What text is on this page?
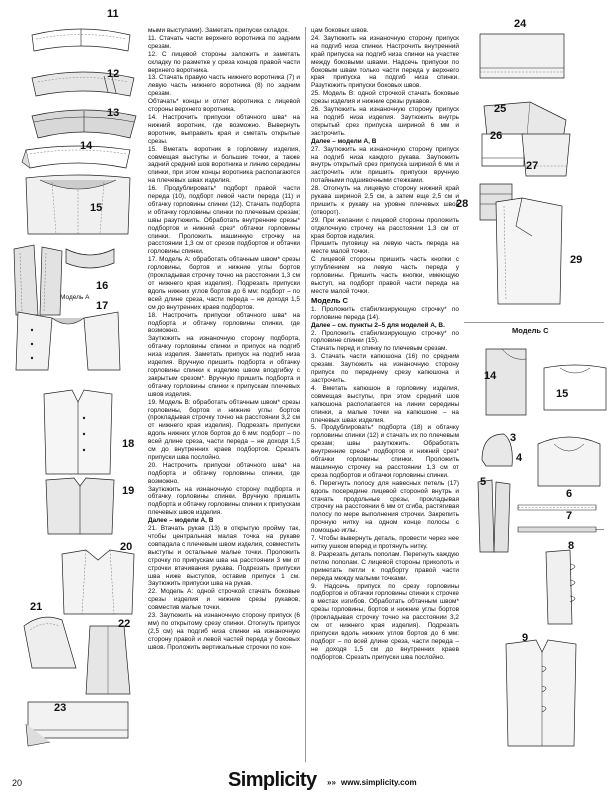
11
12
13
14
15
16
Модель А
17
18
19
20
21
22
23

мыми выступами). Заметать припуски складок.

11. Стачать части верхнего воротника по задним срезам.

12. С лицевой стороны заложить и заметать складку по разметке у среза концов правой части верхнего воротника.

13. Стачать правую часть нижнего воротника (7) и левую часть нижнего воротника (8) по задним срезам.

Обтачать* концы и отлет воротника с лицевой стороны верхнего воротника.

14. Настрочить припуски обтачного шва* на нижний воротник, где возможно. Вывернуть воротник, выправить края и сметать открытые срезы.

15. Вметать воротник в горловину изделия, совмещая выступы и большие точки, а также задний средний шов воротника и линию середины спинки, при этом концы воротника располагаются на плечевых швах изделия.

16. Продублировать* подборт правой части переда (10), подборт левой части переда (11) и обтачку горловины спинки (12). Стачать подборта и обтачку горловины спинки по плечевым срезам; швы разутюжить. Обработать внутренние срезы* подбортов и нижний срез* обтачки горловины спинки. Проложить машинную строчку на расстоянии 1,3 см от срезов подбортов и обтачки горловины спинки.

17. Модель А: обработать обтачным швом* срезы горловины, бортов и нижние углы бортов (прокладывая строчку точно на расстоянии 1,3 см от нижнего края изделия). Подрезать припуски вдоль нижних углов бортов до 6 мм: подборт – по всей длине среза, части переда – не доходя 1,5 см до внутренних краев подбортов.

18. Настрочить припуски обтачного шва* на подборта и обтачку горловины спинки, где возможно.

Заутюжить на изнаночную сторону подборта, обтачку горловины спинки и припуск на подгиб низа изделия. Заметать припуск на подгиб низа изделия. Вручную пришить подборта и обтачку горловины спинки к изделию швом вподгибку с закрытым срезом*. Вручную пришить подборта и обтачку горловины спинки к припускам плечевых швов изделия.

19. Модель В: обработать обтачным швом* срезы горловины, бортов и нижние углы бортов (прокладывая строчку точно на расстоянии 3,2 см от нижнего края изделия). Подрезать припуски вдоль нижних углов бортов до 6 мм: подборт – по всей длине среза, части переда – не доходя 1,5 см до внутренних краев подбортов. Срезать припуски шва послойно.

20. Настрочить припуски обтачного шва* на подборта и обтачку горловины спинки, где возможно.

Заутюжить на изнаночную сторону подборта и обтачку горловины спинки. Вручную пришить подборта и обтачку горловины спинки к припускам плечевых швов изделия.

Далее – модели А, В

21. Втачать рукав (13) в открытую пройму так, чтобы центральная малая точка на рукаве совпадала с плечевым швом изделия, совместить выступы и остальные малые точки. Проложить строчку по припускам шва на расстоянии 3 мм от строчки втачивания рукава. Подрезать припуски шва ниже выступов, оставив припуск 1 см. Заутюжить припуски шва на рукав.

22. Модель А: одной строчкой стачать боковые срезы изделия и нижние срезы рукавов, совместив малые точки.

23. Заутюжить на изнаночную сторону припуск (6 мм) по открытому срезу спинки. Отогнуть припуск (2,5 см) на подгиб низа спинки на изнаночную сторону правой и левой частей переда у боковых швов. Проложить вертикальные строчки по кон-

цам боковых швов.

24. Заутюжить на изнаночную сторону припуск на подгиб низа спинки. Настрочить внутренний край припуска на подгиб низа спинки на участке между боковыми швами. Надсечь припуски по боковым швам только части переда у верхнего края припуска на подгиб низа спинки. Разутюжить припуски боковых швов.

25. Модель В: одной строчкой стачать боковые срезы изделия и нижние срезы рукавов.

26. Заутюжить на изнаночную сторону припуск на подгиб низа изделия. Заутюжить внутрь открытый срез припуска шириной 6 мм и застрочить.

Далее – модели А, В

27. Заутюжить на изнаночную сторону припуск на подгиб низа каждого рукава. Заутюжить внутрь открытый срез припуска шириной 6 мм и застрочить или пришить припуски вручную потайными подшивочными стежками.

28. Отогнуть на лицевую сторону нижний край рукава шириной 2,5 см, а затем еще 2,5 см и пришить к рукаву на уровне плечевых швов (отворот).

29. При желании с лицевой стороны проложить отделочную строчку на расстоянии 1,3 см от края бортов изделия.

Пришить пуговицу на левую часть переда на месте малой точки.

С лицевой стороны пришить часть кнопки с углублением на левую часть переда у горловины. Пришить часть кнопки, имеющую выступ, на подборт правой части переда на месте малой точки.

Модель С

1. Проложить стабилизирующую строчку* по горловине переда (14).

Далее – см. пункты 2–5 для моделей А, В.

2. Проложить стабилизирующую строчку* по горловине спинки (15).

Стачать перед и спинку по плечевым срезам.

3. Стачать части капюшона (16) по средним срезам. Заутюжить на изнаночную сторону припуск по переднему срезу капюшона и застрочить.

4. Вметать капюшон в горловину изделия, совмещая выступы, при этом средний шов капюшона располагается на линии середины спинки, а малые точки на капюшоне – на плечевых швах изделия.

5. Продублировать* подборта (18) и обтачку горловины спинки (12) и стачать их по плечевым срезам; швы разутюжить. Обработать внутренние срезы* подбортов и нижний срез* обтачки горловины спинки. Проложить машинную строчку на расстоянии 1,3 см от среза подбортов и обтачки горловины спинки.

6. Перегнуть полосу для навесных петель (17) вдоль посередине лицевой стороной внутрь и стачать продольные срезы, прокладывая строчку на расстоянии 6 мм от сгиба, растягивая полосу по мере выполнения строчки. Закрепить прочную нитку на одном конце полосы с помощью иглы.

7. Чтобы вывернуть деталь, провести через нее нитку ушком вперед и протянуть нитку.

8. Разрезать деталь пополам. Перегнуть каждую петлю пополам. С лицевой стороны приколоть и приметать петли к подборту правой части переда между малыми точками.

9. Надсечь припуск по срезу горловины подбортов и обтачки горловины спинки к строчке в местах изгибов. Обработать обтачным швом* срезы горловины, бортов и нижние углы бортов (прокладывая строчку точно на расстоянии 3,2 см от нижнего края изделия). Подрезать припуски вдоль нижних углов бортов до 6 мм: подборт – по всей длине среза, части переда – не доходя 1,5 см до внутренних краев подбортов. Срезать припуски шва послойно.

24
25
26
27
28
29
Модель С
14
15
3
4
5
6
7
8
9
20	Simplicity »» www.simplicity.com
